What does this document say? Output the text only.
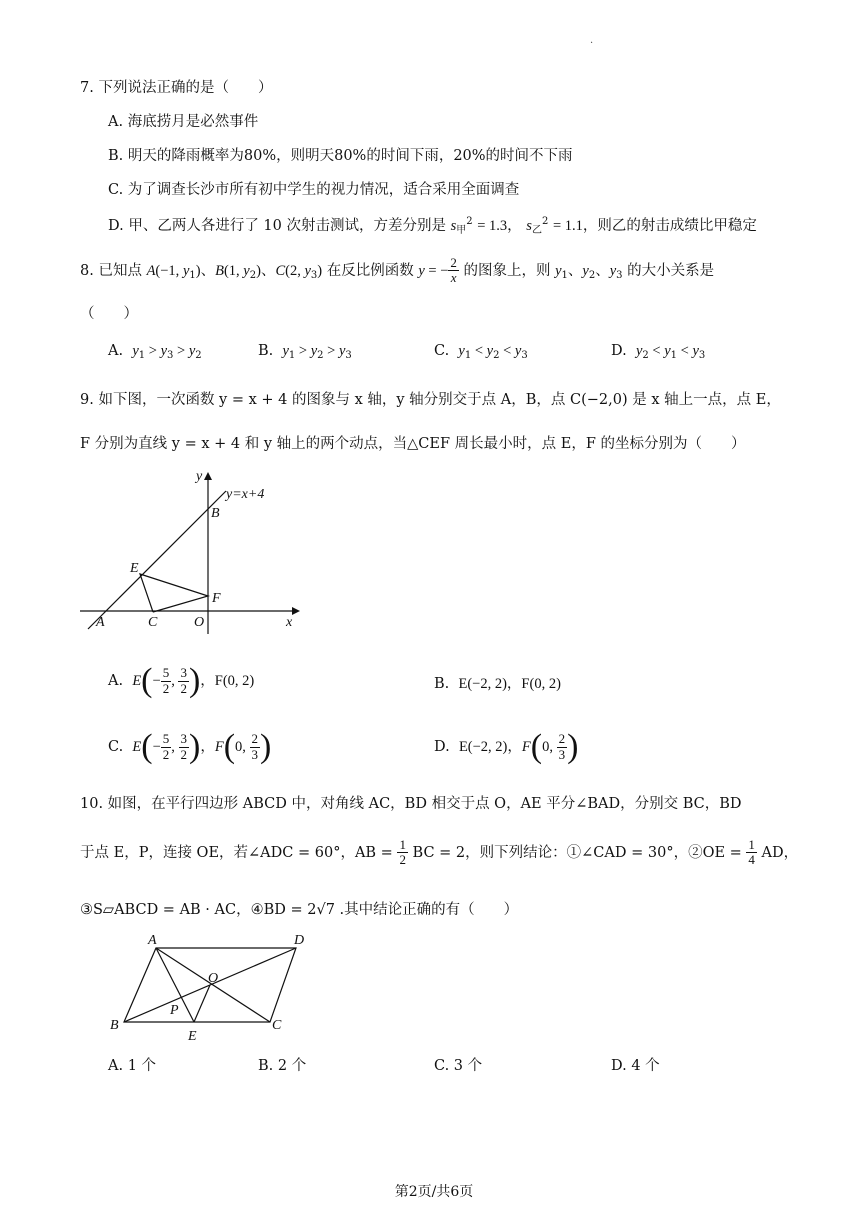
·
7. 下列说法正确的是（　　）
A. 海底捞月是必然事件
B. 明天的降雨概率为80%，则明天80%的时间下雨，20%的时间不下雨
C. 为了调查长沙市所有初中学生的视力情况，适合采用全面调查
D. 甲、乙两人各进行了 10 次射击测试，方差分别是 $s_甲^2 = 1.3$， $s_乙^2 = 1.1$，则乙的射击成绩比甲稳定
8. 已知点 A(−1, $y_1$)、B(1, $y_2$)、C(2, $y_3$) 在反比例函数 y = − $\frac{2}{x}$ 的图象上，则 $y_1$、$y_2$、$y_3$ 的大小关系是
（　　）
A. $y_1 > y_3 > y_2$	B. $y_1 > y_2 > y_3$	C. $y_1 < y_2 < y_3$	D. $y_2 < y_1 < y_3$
9. 如下图，一次函数 y = x + 4 的图象与 x 轴，y 轴分别交于点 A，B，点 C(−2,0) 是 x 轴上一点，点 E，
F 分别为直线 y = x + 4 和 y 轴上的两个动点，当△CEF 周长最小时，点 E，F 的坐标分别为（　　）
y
y=x+4
B
E
F
A	C	O	x
A. $E(- \frac{5}{2}$ , $\frac{3}{2}$ )，F(0, 2)	B. E(−2, 2)，F(0, 2)
C. $E(- \frac{5}{2}$ , $\frac{3}{2}$ )，F(0, $\frac{2}{3}$ )	D. E(−2, 2)，F(0, $\frac{2}{3}$ )
10. 如图，在平行四边形 ABCD 中，对角线 AC，BD 相交于点 O，AE 平分∠BAD，分别交 BC，BD
于点 E，P，连接 OE，若∠ADC = 60°，AB = $\frac{1}{2}$ BC = 2，则下列结论：①∠CAD = 30°，②OE = $\frac{1}{4}$ AD，
③S▱ABCD = AB · AC，④BD = 2√7 .其中结论正确的有（　　）
A	D
O
P
B	C
E
A. 1 个	B. 2 个	C. 3 个	D. 4 个
第2页/共6页
